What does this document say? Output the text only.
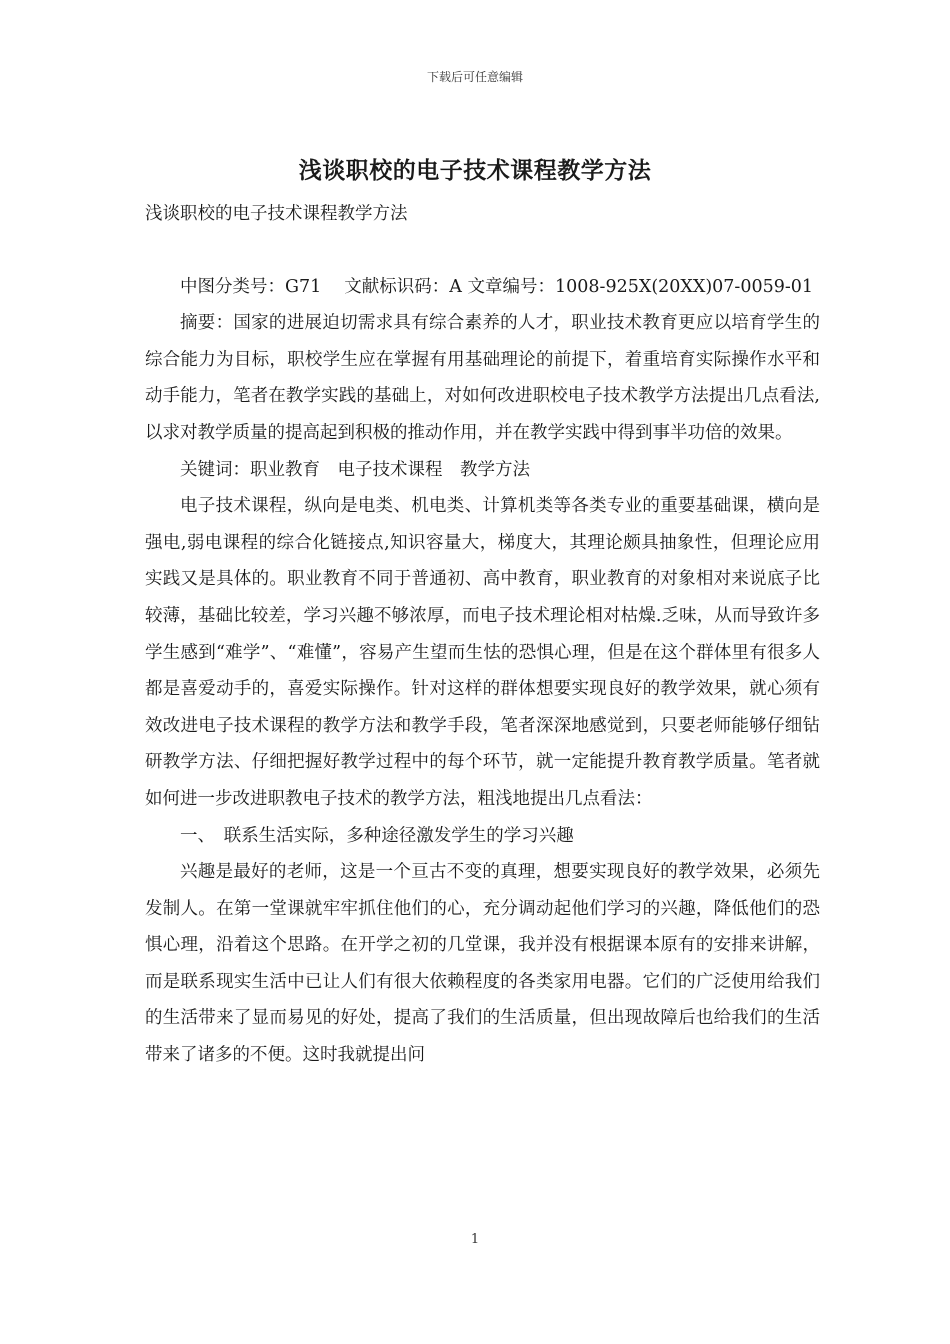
下载后可任意编辑
浅谈职校的电子技术课程教学方法

浅谈职校的电子技术课程教学方法

中图分类号：G71　 文献标识码：A 文章编号：1008-925X(20XX)07-0059-01

摘要：国家的进展迫切需求具有综合素养的人才，职业技术教育更应以培育学生的综合能力为目标，职校学生应在掌握有用基础理论的前提下，着重培育实际操作水平和动手能力，笔者在教学实践的基础上，对如何改进职校电子技术教学方法提出几点看法,以求对教学质量的提高起到积极的推动作用，并在教学实践中得到事半功倍的效果。

关键词：职业教育　电子技术课程　教学方法

电子技术课程，纵向是电类、机电类、计算机类等各类专业的重要基础课，横向是强电,弱电课程的综合化链接点,知识容量大，梯度大，其理论颇具抽象性，但理论应用实践又是具体的。职业教育不同于普通初、高中教育，职业教育的对象相对来说底子比较薄，基础比较差，学习兴趣不够浓厚，而电子技术理论相对枯燥.乏味，从而导致许多学生感到“难学”、“难懂”，容易产生望而生怯的恐惧心理，但是在这个群体里有很多人都是喜爱动手的，喜爱实际操作。针对这样的群体想要实现良好的教学效果，就心须有效改进电子技术课程的教学方法和教学手段，笔者深深地感觉到，只要老师能够仔细钻研教学方法、仔细把握好教学过程中的每个环节，就一定能提升教育教学质量。笔者就如何进一步改进职教电子技术的教学方法，粗浅地提出几点看法：

一、　联系生活实际，多种途径激发学生的学习兴趣

兴趣是最好的老师，这是一个亘古不变的真理，想要实现良好的教学效果，必须先发制人。在第一堂课就牢牢抓住他们的心，充分调动起他们学习的兴趣，降低他们的恐惧心理，沿着这个思路。在开学之初的几堂课，我并没有根据课本原有的安排来讲解，而是联系现实生活中已让人们有很大依赖程度的各类家用电器。它们的广泛使用给我们的生活带来了显而易见的好处，提高了我们的生活质量，但出现故障后也给我们的生活带来了诸多的不便。这时我就提出问

1
